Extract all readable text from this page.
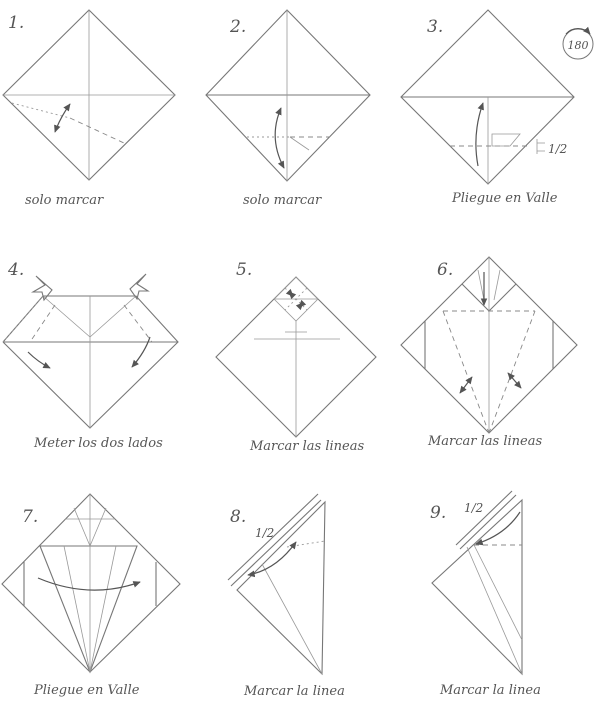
1.
solo marcar
2.
solo marcar
3.
180
1/2
Pliegue en Valle
4.
Meter los dos lados
5.
Marcar las lineas
6.
Marcar las lineas
7.
Pliegue en Valle
8.
1/2
Marcar la linea
9. 1/2
Marcar la linea
